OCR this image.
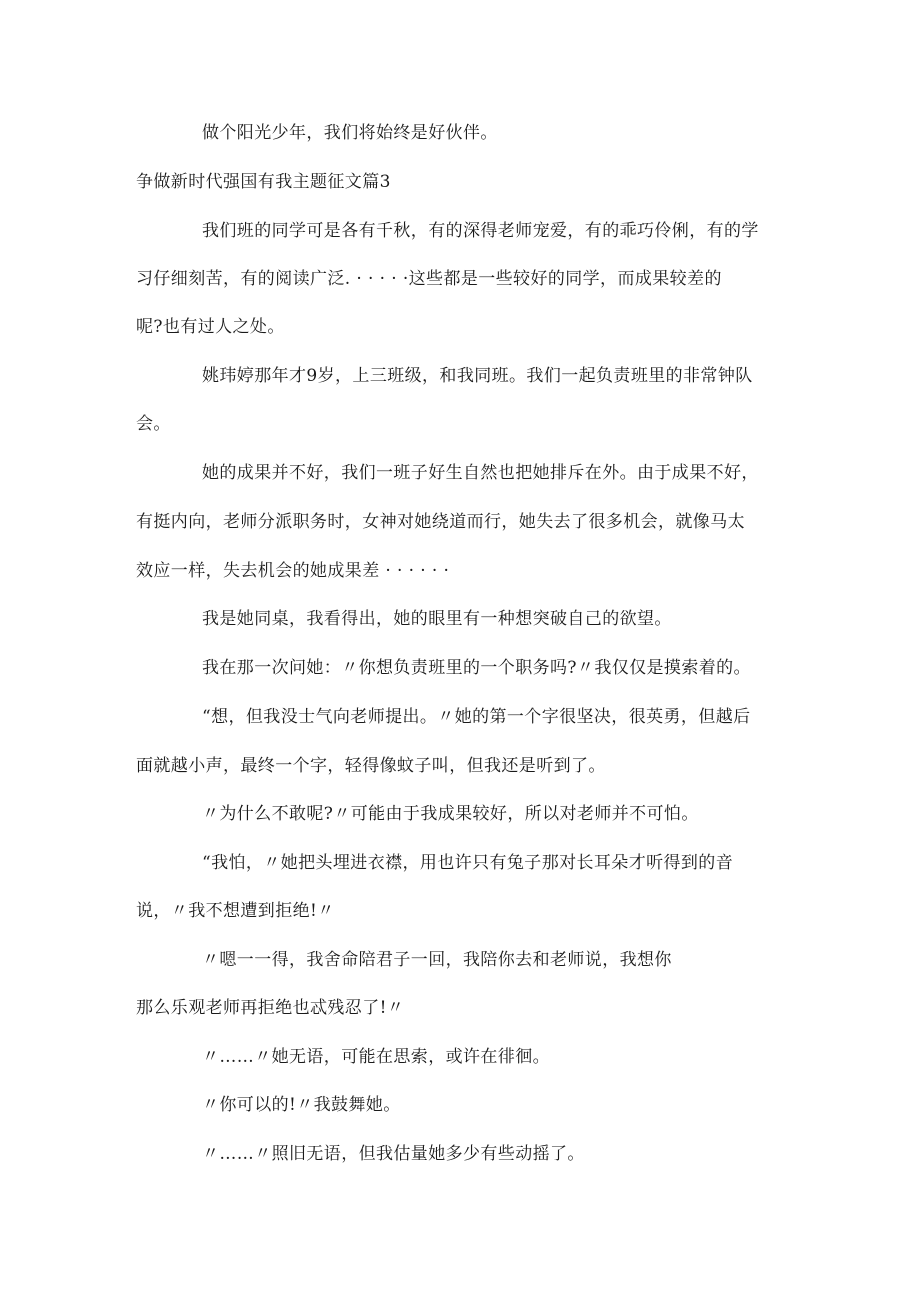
做个阳光少年，我们将始终是好伙伴。
争做新时代强国有我主题征文篇3
我们班的同学可是各有千秋，有的深得老师宠爱，有的乖巧伶俐，有的学
习仔细刻苦，有的阅读广泛. · · · · ·这些都是一些较好的同学，而成果较差的
呢?也有过人之处。
姚玮婷那年才9岁，上三班级，和我同班。我们一起负责班里的非常钟队
会。
她的成果并不好，我们一班子好生自然也把她排斥在外。由于成果不好，
有挺内向，老师分派职务时，女神对她绕道而行，她失去了很多机会，就像马太
效应一样，失去机会的她成果差 · · · · · ·
我是她同桌，我看得出，她的眼里有一种想突破自己的欲望。
我在那一次问她：〃你想负责班里的一个职务吗?〃我仅仅是摸索着的。
“想，但我没士气向老师提出。〃她的第一个字很坚决，很英勇，但越后
面就越小声，最终一个字，轻得像蚊子叫，但我还是听到了。
〃为什么不敢呢?〃可能由于我成果较好，所以对老师并不可怕。
“我怕，〃她把头埋进衣襟，用也许只有兔子那对长耳朵才听得到的音
说，〃我不想遭到拒绝!〃
〃嗯一一得，我舍命陪君子一回，我陪你去和老师说，我想你
那么乐观老师再拒绝也忒残忍了!〃
〃……〃她无语，可能在思索，或许在徘徊。
〃你可以的!〃我鼓舞她。
〃……〃照旧无语，但我估量她多少有些动摇了。
